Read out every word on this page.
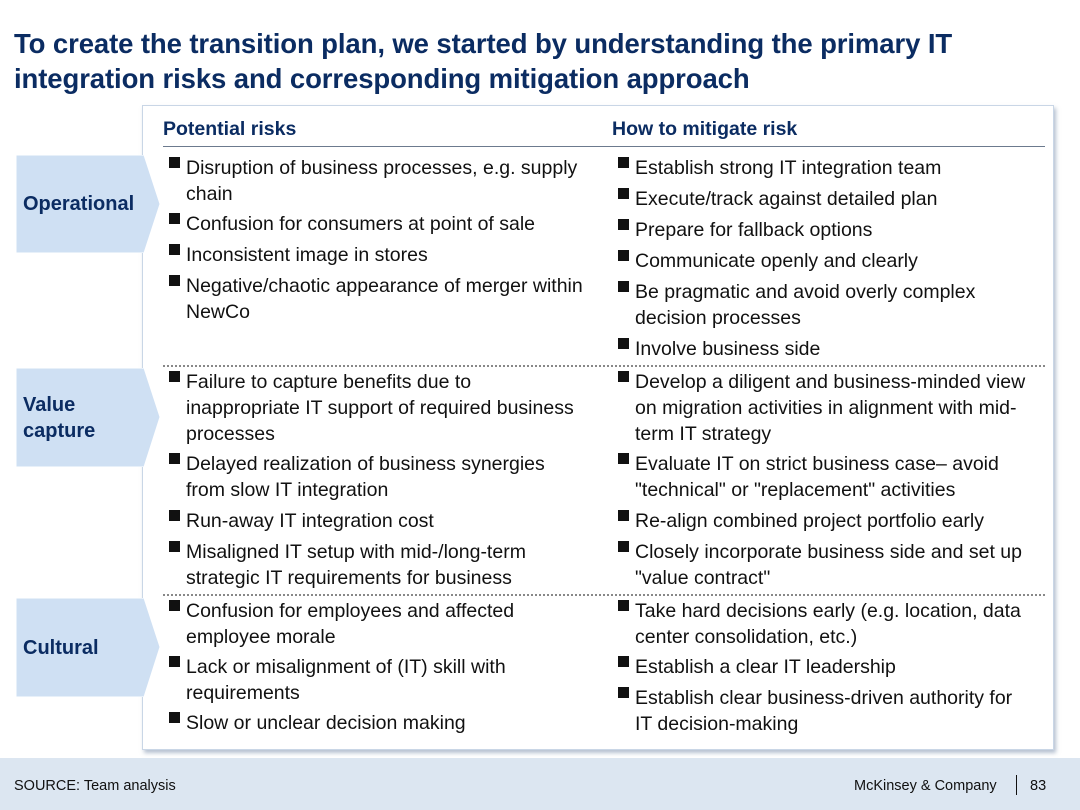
To create the transition plan, we started by understanding the primary IT integration risks and corresponding mitigation approach
Potential risks	How to mitigate risk
Operational
Value
capture
Cultural

Disruption of business processes, e.g. supply chain

Confusion for consumers at point of sale

Inconsistent image in stores

Negative/chaotic appearance of merger within NewCo

Establish strong IT integration team

Execute/track against detailed plan

Prepare for fallback options

Communicate openly and clearly

Be pragmatic and avoid overly complex decision processes

Involve business side

Failure to capture benefits due to inappropriate IT support of required business processes

Delayed realization of business synergies from slow IT integration

Run-away IT integration cost

Misaligned IT setup with mid-/long-term strategic IT requirements for business

Develop a diligent and business-minded view on migration activities in alignment with mid-term IT strategy

Evaluate IT on strict business case– avoid "technical" or "replacement" activities

Re-align combined project portfolio early

Closely incorporate business side and set up "value contract"

Confusion for employees and affected employee morale

Lack or misalignment of (IT) skill with requirements

Slow or unclear decision making

Take hard decisions early (e.g. location, data center consolidation, etc.)

Establish a clear IT leadership

Establish clear business-driven authority for IT decision-making

SOURCE: Team analysis	McKinsey & Company 83
